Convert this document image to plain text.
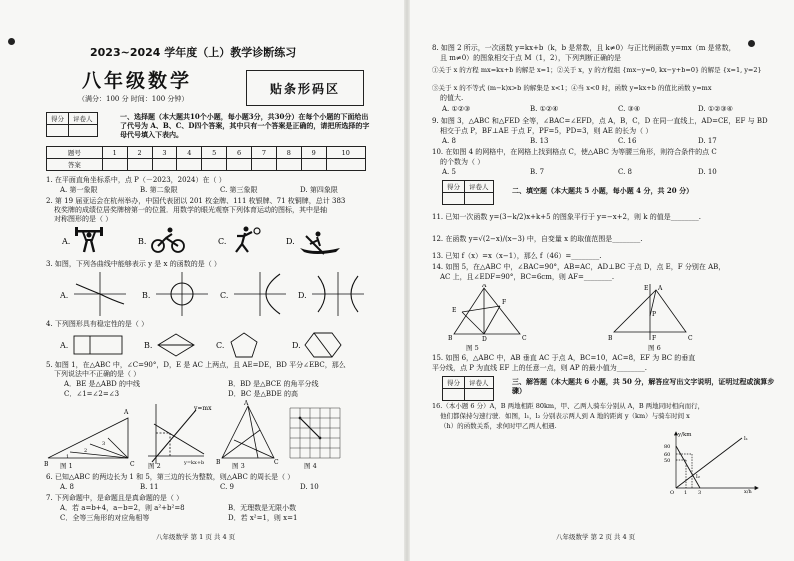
2023~2024 学年度（上）教学诊断练习
八年级数学	贴条形码区
（满分：100 分 时间：100 分钟）
得分	评卷人
		一、选择题（本大题共10个小题，每小题3分，共30分）在每个小题的下面给出了代号为 A、B、C、D四个答案，其中只有一个答案是正确的，请把所选择的字母代号填入下表内。
题号	1	2	3	4	5	6	7	8	9	10
答案										
1. 在平面直角坐标系中，点 P（－2023，2024）在（ ）
A. 第一象限	B. 第二象限	C. 第三象限	D. 第四象限
2. 第 19 届亚运会在杭州举办，中国代表团以 201 枚金牌、111 枚银牌、71 枚铜牌，总计 383
枚奖牌的成绩位居奖牌榜第一的位置．用数学的眼光观察下列体育运动的图标，其中是轴
对称图形的是（ ）
A.	B.	C.	D.
3. 如图，下列各曲线中能够表示 y 是 x 的函数的是（ ）
A.	B.	C.	D.
4. 下列图形具有稳定性的是（ ）
A.	B.	C.	D.
5. 如图 1，在△ABC 中，∠C=90°，D，E 是 AC 上两点，且 AE=DE，BD 平分∠EBC，那么
下列说法中不正确的是（ ）
A．BE 是△ABD 的中线	B．BD 是△BCE 的角平分线
C．∠1=∠2=∠3	D．BC 是△BDE 的高
1
2
3
A
B	C
y=mx
y=kx+b
A
B	C
图 1	图 2	图 3	图 4
6. 已知△ABC 的两边长为 1 和 5，第三边的长为整数，则△ABC 的周长是（ ）
A. 8	B. 11	C. 9	D. 10
7. 下列命题中，是命题且是真命题的是（ ）
A．若 a=b+4，a−b=2，则 a²+b²=8	B．无理数是无限小数
C．全等三角形的对应角相等	D．若 x²=1，则 x=1
八年级数学 第 1 页 共 4 页
8. 如图 2 所示，一次函数 y=kx+b（k，b 是常数，且 k≠0）与正比例函数 y=mx（m 是常数，
且 m≠0）的图象相交于点 M（1，2），下列判断正确的是
①关于 x 的方程 mx=kx+b 的解是 x=1；②关于 x，y 的方程组 {mx−y=0, kx−y+b=0} 的解是 {x=1, y=2}
③关于 x 的不等式 (m−k)x>b 的解集是 x<1；④当 x<0 时，函数 y=kx+b 的值比函数 y=mx
的值大.
A. ①②③	B. ①②④	C. ③④	D. ①②③④
9. 如图 3，△ABC 和△FED 全等，∠BAC=∠EFD，点 A，B，C，D 在同一直线上，AD=CE，EF 与 BD
相交于点 P，BF⊥AE 于点 F，PF=5，PD=3，则 AE 的长为（ ）
A. 8	B. 13	C. 16	D. 17
10. 在如图 4 的网格中，在网格上找到格点 C，使△ABC 为等腰三角形，则符合条件的点 C
的个数为（ ）
A. 5	B. 7	C. 8	D. 10
得分	评卷人
		二、填空题（本大题共 5 小题，每小题 4 分，共 20 分）
11. 已知一次函数 y=(3−k/2)x+k+5 的图象平行于 y=−x+2，则 k 的值是________.
12. 在函数 y=√(2−x)/(x−3) 中，自变量 x 的取值范围是________.
13. 已知 f（x）=x（x−1），那么 f（46）=________.
14. 如图 5，在△ABC 中，∠BAC=90°，AB=AC，AD⊥BC 于点 D，点 E，F 分别在 AB，
AC 上，且∠EDF=90°，BC=6cm，则 AF=________.
A
E
F
B	D	C
A
P
B	C
E
F
图 5	图 6
15. 如图 6，△ABC 中，AB 垂直 AC 于点 A，BC=10，AC=8，EF 为 BC 的垂直
平分线，点 P 为直线 EF 上的任意一点，则 AP 的最小值为________.
得分	评卷人
		三、解答题（本大题共 6 小题，共 50 分，解答应写出文字说明，证明过程或演算步骤）
16.（本小题 6 分）A，B 两地相距 80km，甲、乙两人骑车分别从 A，B 两地同时相向而行，
他们都保持匀速行驶．如图，l₁，l₂ 分别表示两人到 A 地的距离 y（km）与骑车时间 x
（h）的函数关系，求何时甲乙两人相遇.
y/km
x/h
80
60
50
O 1 3
l₁
l₂
八年级数学 第 2 页 共 4 页
